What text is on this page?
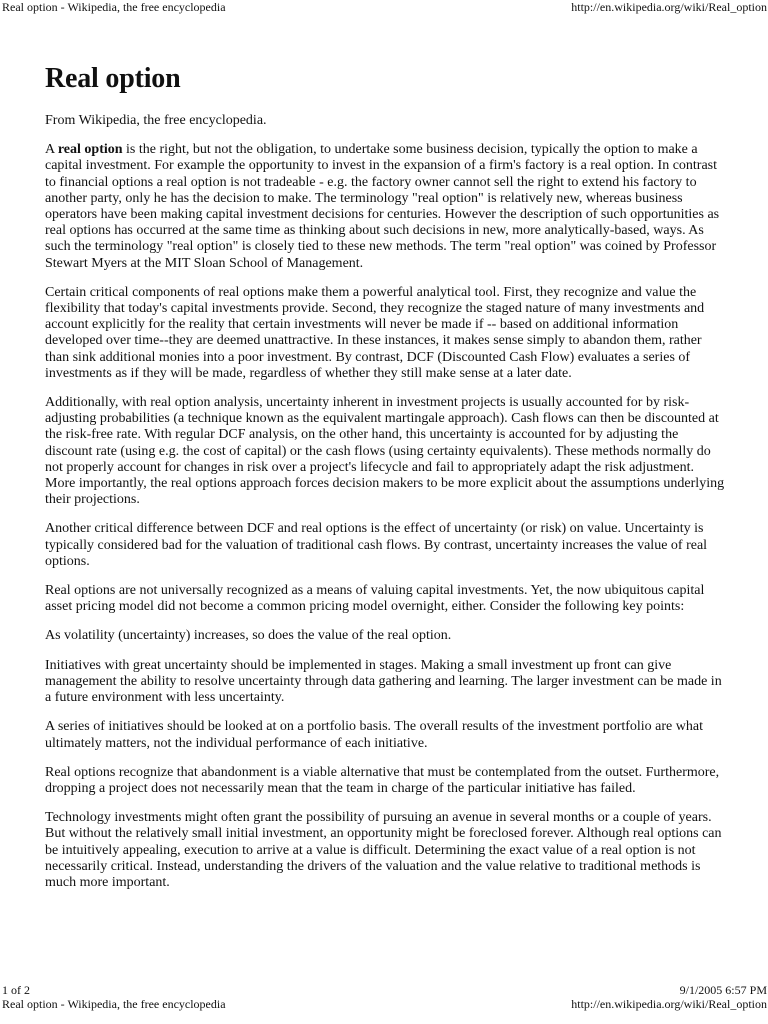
Real option - Wikipedia, the free encyclopedia	http://en.wikipedia.org/wiki/Real_option
Real option

From Wikipedia, the free encyclopedia.

A real option is the right, but not the obligation, to undertake some business decision, typically the option to make a capital investment. For example the opportunity to invest in the expansion of a firm's factory is a real option. In contrast to financial options a real option is not tradeable - e.g. the factory owner cannot sell the right to extend his factory to another party, only he has the decision to make. The terminology "real option" is relatively new, whereas business operators have been making capital investment decisions for centuries. However the description of such opportunities as real options has occurred at the same time as thinking about such decisions in new, more analytically-based, ways. As such the terminology "real option" is closely tied to these new methods. The term "real option" was coined by Professor Stewart Myers at the MIT Sloan School of Management.

Certain critical components of real options make them a powerful analytical tool. First, they recognize and value the flexibility that today's capital investments provide. Second, they recognize the staged nature of many investments and account explicitly for the reality that certain investments will never be made if -- based on additional information developed over time--they are deemed unattractive. In these instances, it makes sense simply to abandon them, rather than sink additional monies into a poor investment. By contrast, DCF (Discounted Cash Flow) evaluates a series of investments as if they will be made, regardless of whether they still make sense at a later date.

Additionally, with real option analysis, uncertainty inherent in investment projects is usually accounted for by risk-adjusting probabilities (a technique known as the equivalent martingale approach). Cash flows can then be discounted at the risk-free rate. With regular DCF analysis, on the other hand, this uncertainty is accounted for by adjusting the discount rate (using e.g. the cost of capital) or the cash flows (using certainty equivalents). These methods normally do not properly account for changes in risk over a project's lifecycle and fail to appropriately adapt the risk adjustment. More importantly, the real options approach forces decision makers to be more explicit about the assumptions underlying their projections.

Another critical difference between DCF and real options is the effect of uncertainty (or risk) on value. Uncertainty is typically considered bad for the valuation of traditional cash flows. By contrast, uncertainty increases the value of real options.

Real options are not universally recognized as a means of valuing capital investments. Yet, the now ubiquitous capital asset pricing model did not become a common pricing model overnight, either. Consider the following key points:

As volatility (uncertainty) increases, so does the value of the real option.

Initiatives with great uncertainty should be implemented in stages. Making a small investment up front can give management the ability to resolve uncertainty through data gathering and learning. The larger investment can be made in a future environment with less uncertainty.

A series of initiatives should be looked at on a portfolio basis. The overall results of the investment portfolio are what ultimately matters, not the individual performance of each initiative.

Real options recognize that abandonment is a viable alternative that must be contemplated from the outset. Furthermore, dropping a project does not necessarily mean that the team in charge of the particular initiative has failed.

Technology investments might often grant the possibility of pursuing an avenue in several months or a couple of years. But without the relatively small initial investment, an opportunity might be foreclosed forever. Although real options can be intuitively appealing, execution to arrive at a value is difficult. Determining the exact value of a real option is not necessarily critical. Instead, understanding the drivers of the valuation and the value relative to traditional methods is much more important.

1 of 2	9/1/2005 6:57 PM
Real option - Wikipedia, the free encyclopedia	http://en.wikipedia.org/wiki/Real_option
